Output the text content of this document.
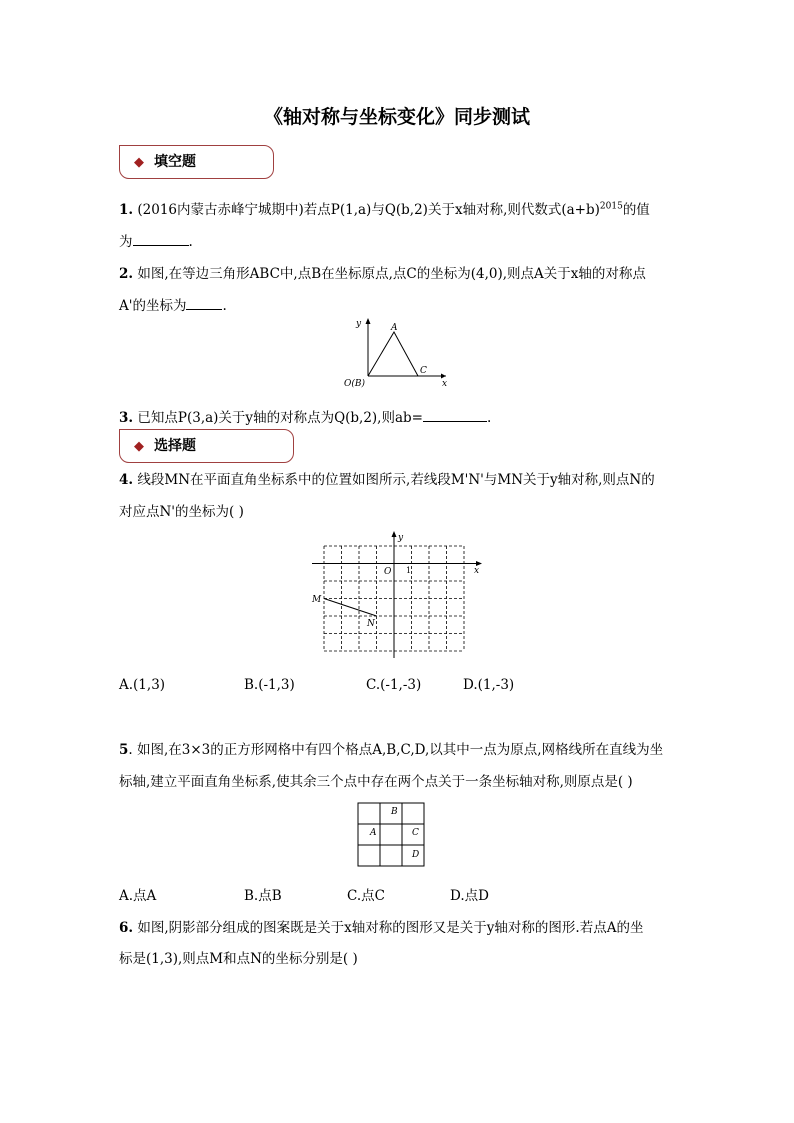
《轴对称与坐标变化》同步测试
◆ 填空题
1. (2016内蒙古赤峰宁城期中)若点P(1,a)与Q(b,2)关于x轴对称,则代数式$(a+b)^{2015}$的值
为	.
2. 如图,在等边三角形ABC中,点B在坐标原点,点C的坐标为(4,0),则点A关于x轴的对称点
A'的坐标为	.
y
x
A
C
O(B)
3. 已知点P(3,a)关于y轴的对称点为Q(b,2),则ab=	.
◆ 选择题
4. 线段MN在平面直角坐标系中的位置如图所示,若线段M'N'与MN关于y轴对称,则点N的
对应点N'的坐标为( )
y
x
O 1
M
N
A.(1,3)	B.(-1,3)	C.(-1,-3)	D.(1,-3)
5. 如图,在3×3的正方形网格中有四个格点A,B,C,D,以其中一点为原点,网格线所在直线为坐
标轴,建立平面直角坐标系,使其余三个点中存在两个点关于一条坐标轴对称,则原点是( )
B
A	C
D
A.点A	B.点B	C.点C	D.点D
6. 如图,阴影部分组成的图案既是关于x轴对称的图形又是关于y轴对称的图形.若点A的坐
标是(1,3),则点M和点N的坐标分别是( )
